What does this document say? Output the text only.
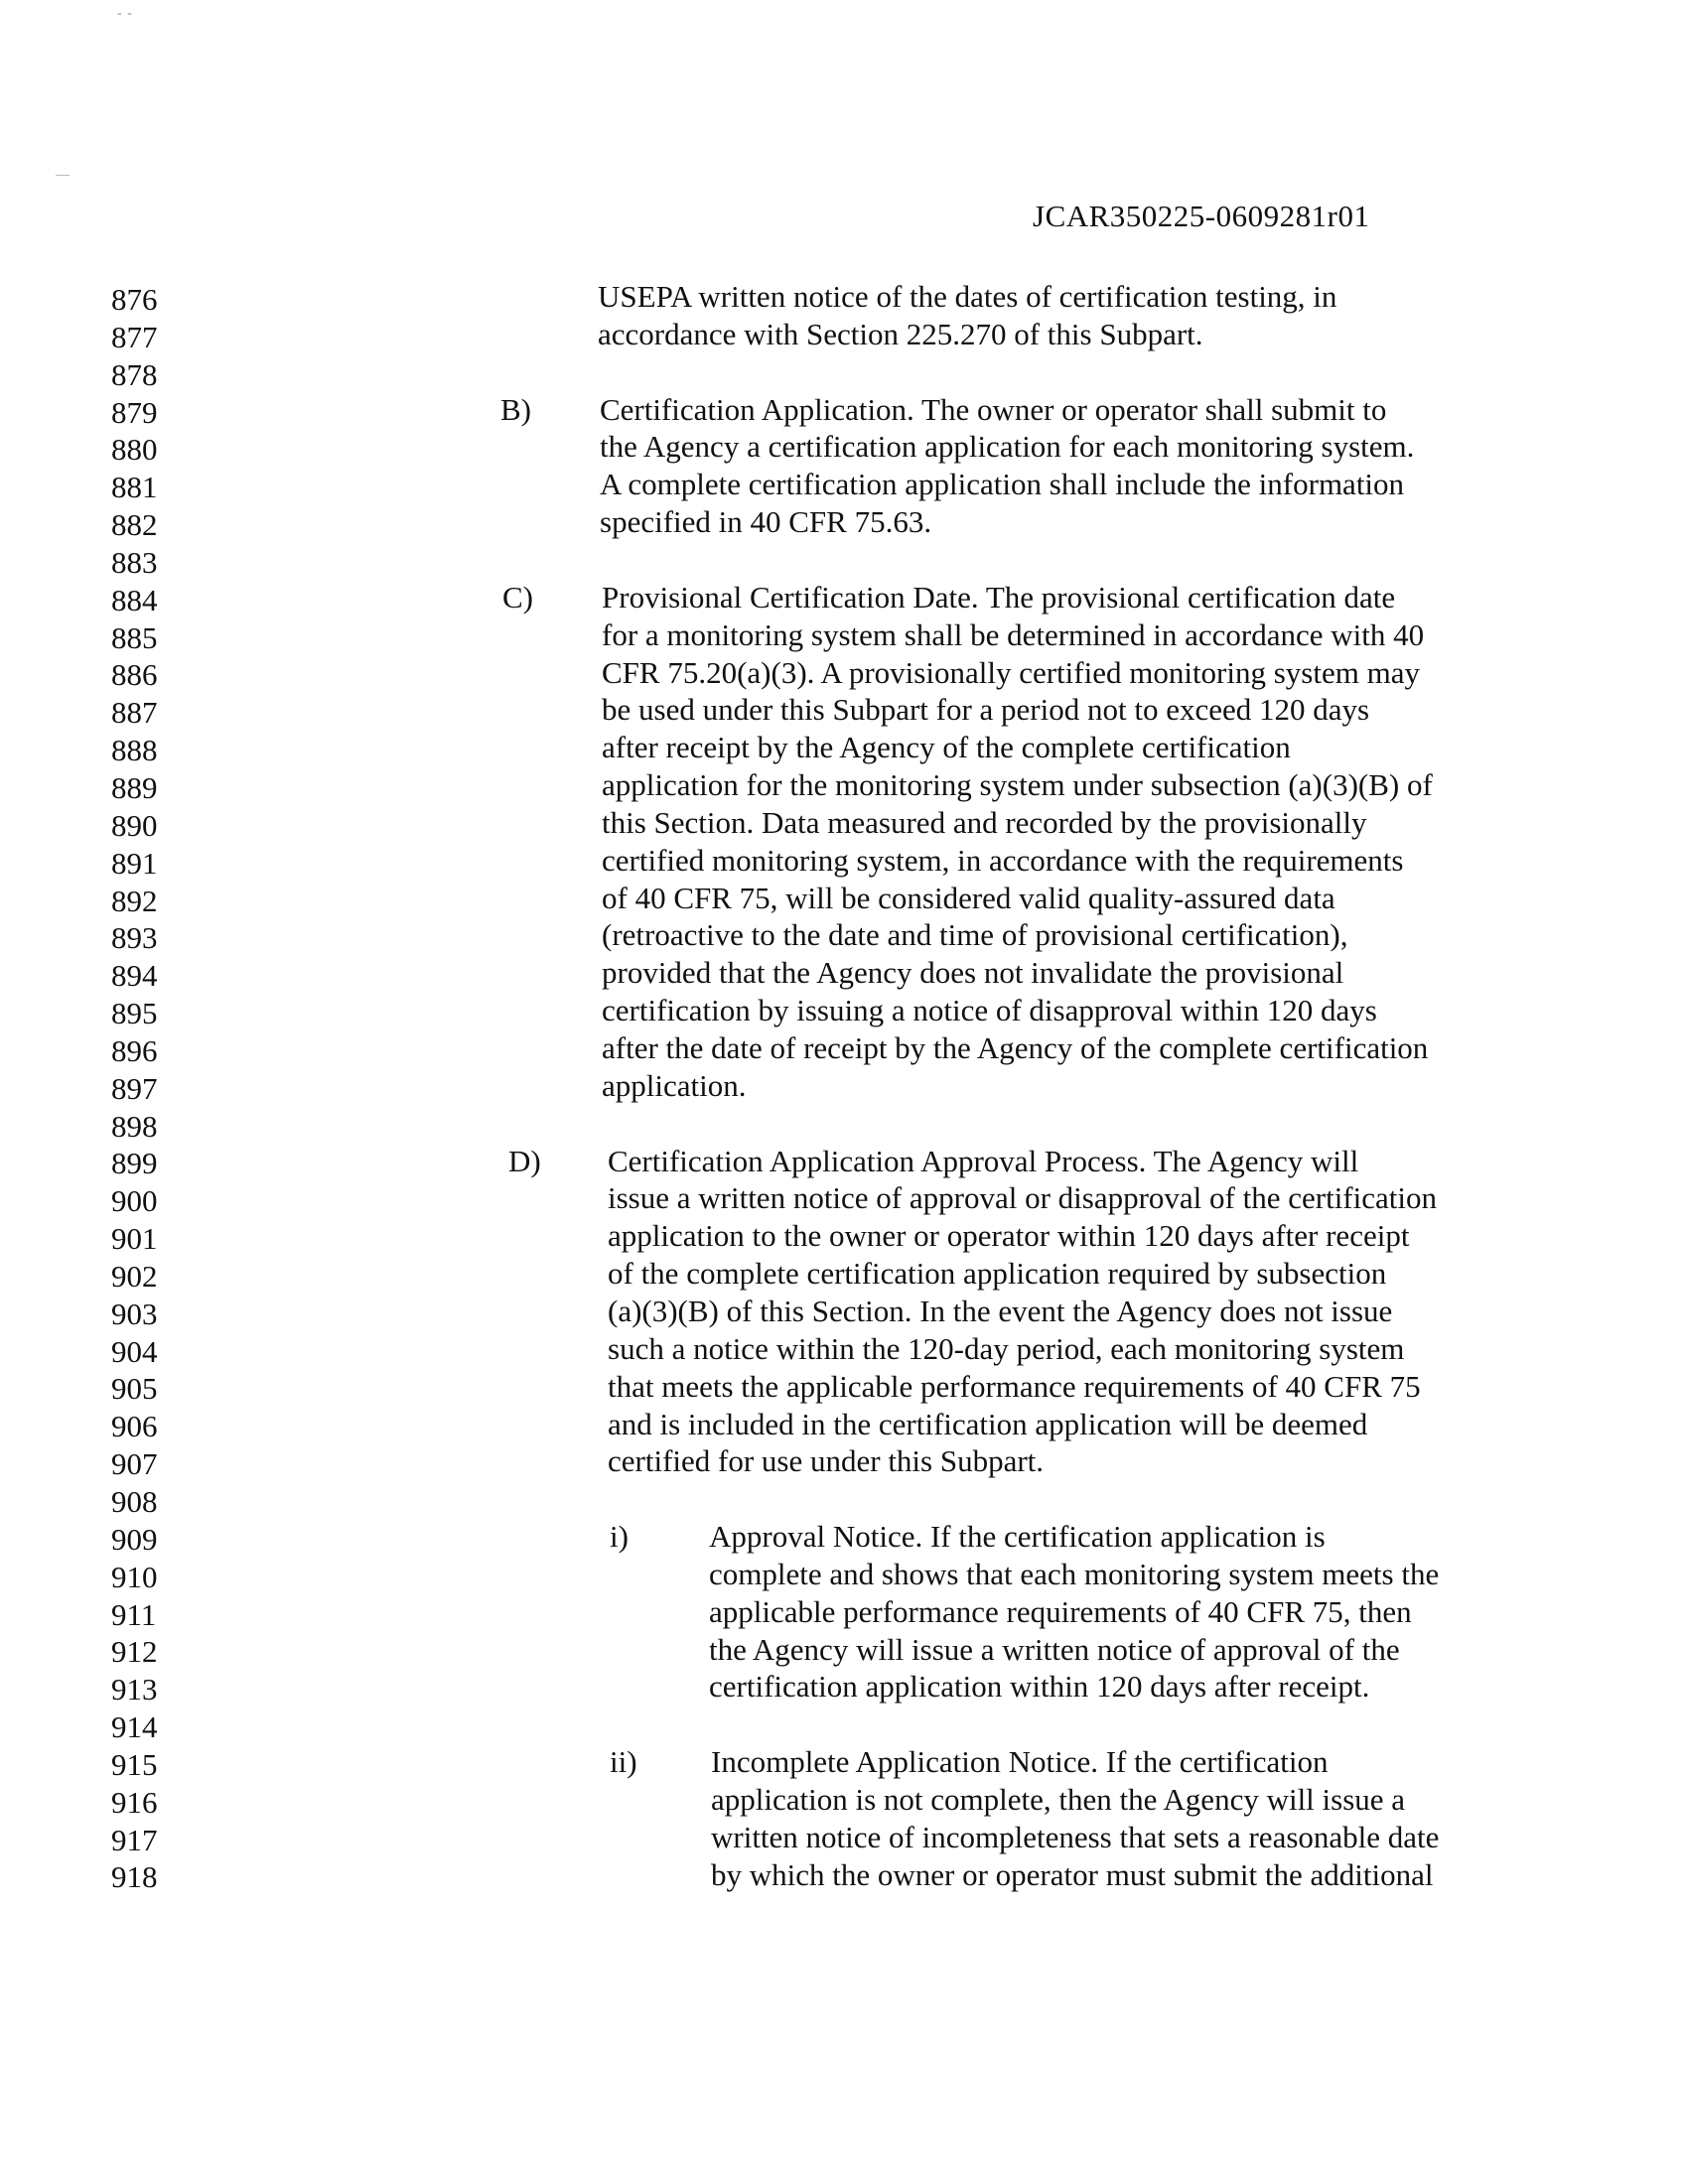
- -
JCAR350225-0609281r01
876
877
878
879
880
881
882
883
884
885
886
887
888
889
890
891
892
893
894
895
896
897
898
899
900
901
902
903
904
905
906
907
908
909
910
911
912
913
914
915
916
917
918
USEPA written notice of the dates of certification testing, in
accordance with Section 225.270 of this Subpart.
B) Certification Application. The owner or operator shall submit to
the Agency a certification application for each monitoring system.
A complete certification application shall include the information
specified in 40 CFR 75.63.
C) Provisional Certification Date. The provisional certification date
for a monitoring system shall be determined in accordance with 40
CFR 75.20(a)(3). A provisionally certified monitoring system may
be used under this Subpart for a period not to exceed 120 days
after receipt by the Agency of the complete certification
application for the monitoring system under subsection (a)(3)(B) of
this Section. Data measured and recorded by the provisionally
certified monitoring system, in accordance with the requirements
of 40 CFR 75, will be considered valid quality-assured data
(retroactive to the date and time of provisional certification),
provided that the Agency does not invalidate the provisional
certification by issuing a notice of disapproval within 120 days
after the date of receipt by the Agency of the complete certification
application.
D) Certification Application Approval Process. The Agency will
issue a written notice of approval or disapproval of the certification
application to the owner or operator within 120 days after receipt
of the complete certification application required by subsection
(a)(3)(B) of this Section. In the event the Agency does not issue
such a notice within the 120-day period, each monitoring system
that meets the applicable performance requirements of 40 CFR 75
and is included in the certification application will be deemed
certified for use under this Subpart.
i)	Approval Notice. If the certification application is
complete and shows that each monitoring system meets the
applicable performance requirements of 40 CFR 75, then
the Agency will issue a written notice of approval of the
certification application within 120 days after receipt.
ii) Incomplete Application Notice. If the certification
application is not complete, then the Agency will issue a
written notice of incompleteness that sets a reasonable date
by which the owner or operator must submit the additional
